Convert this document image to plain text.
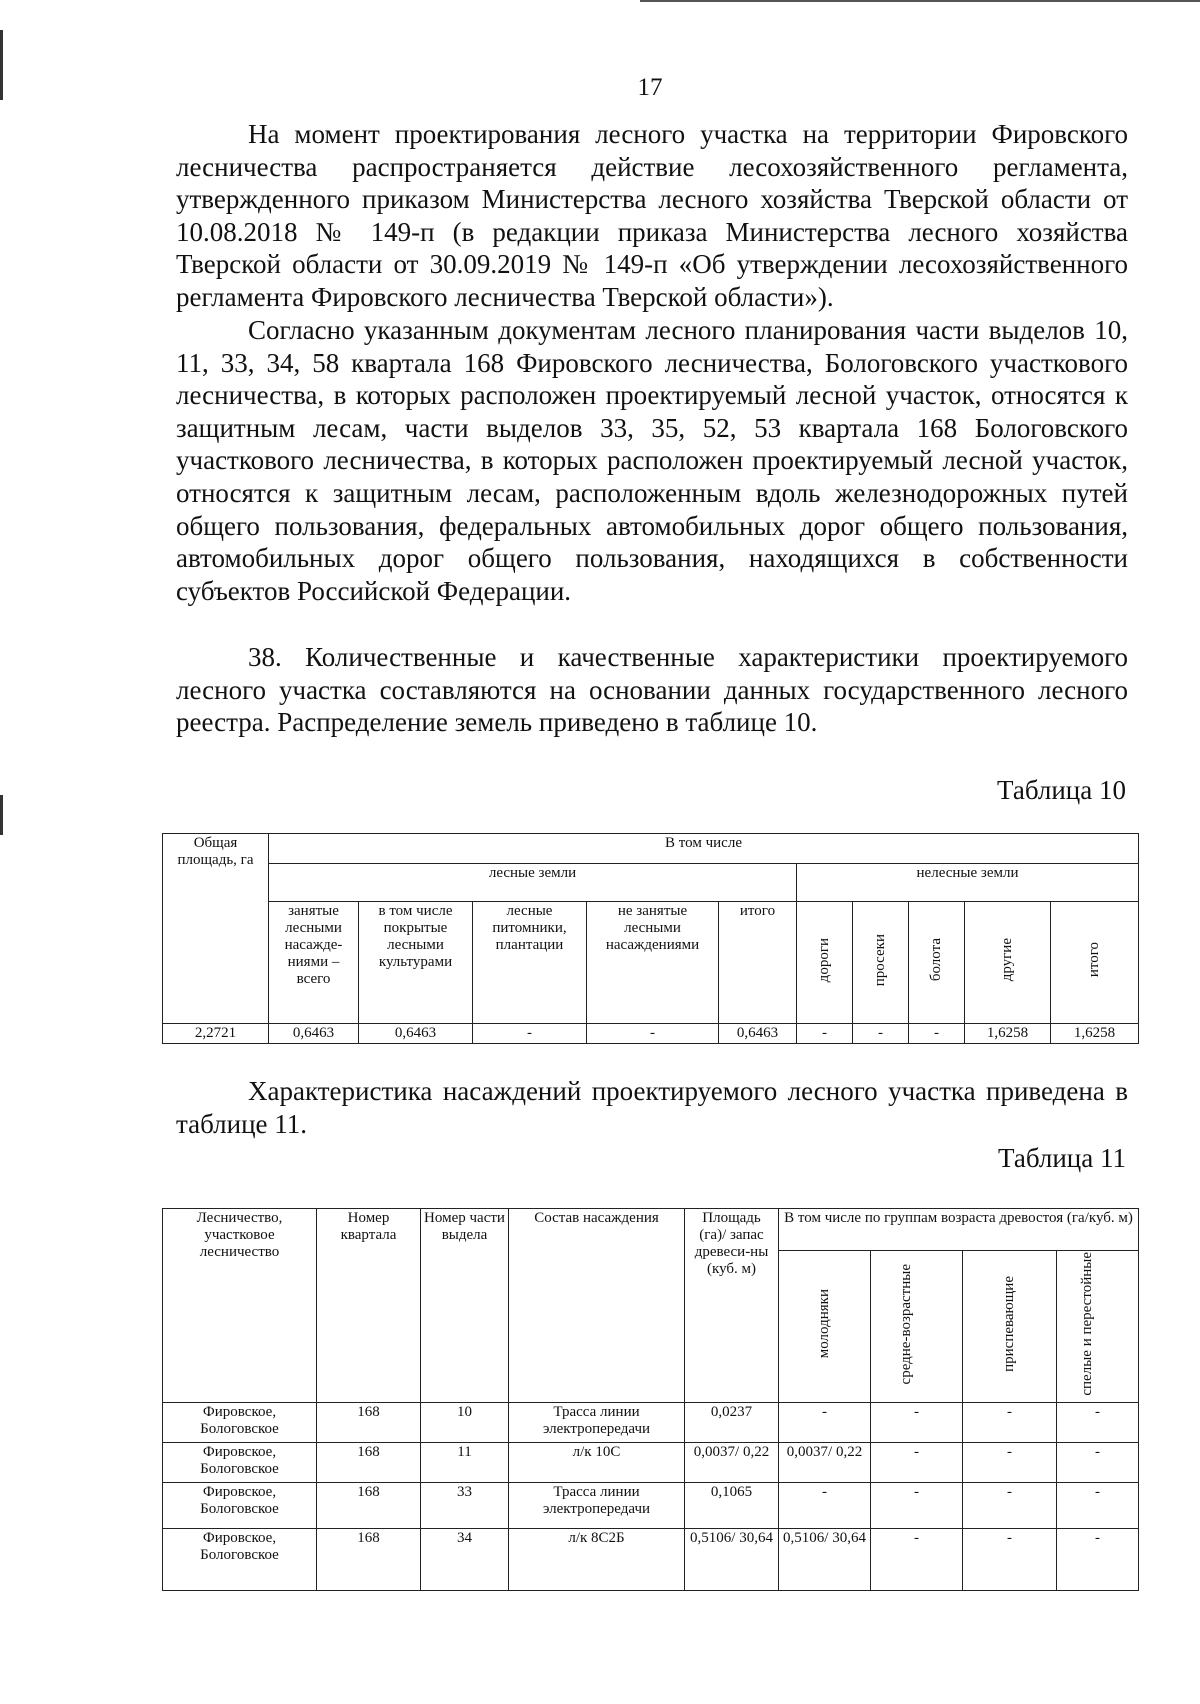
17

На момент проектирования лесного участка на территории Фировского лесничества распространяется действие лесохозяйственного регламента, утвержденного приказом Министерства лесного хозяйства Тверской области от 10.08.2018 № 149-п (в редакции приказа Министерства лесного хозяйства Тверской области от 30.09.2019 № 149-п «Об утверждении лесохозяйственного регламента Фировского лесничества Тверской области»).

Согласно указанным документам лесного планирования части выделов 10, 11, 33, 34, 58 квартала 168 Фировского лесничества, Бологовского участкового лесничества, в которых расположен проектируемый лесной участок, относятся к защитным лесам, части выделов 33, 35, 52, 53 квартала 168 Бологовского участкового лесничества, в которых расположен проектируемый лесной участок, относятся к защитным лесам, расположенным вдоль железнодорожных путей общего пользования, федеральных автомобильных дорог общего пользования, автомобильных дорог общего пользования, находящихся в собственности субъектов Российской Федерации.

38. Количественные и качественные характеристики проектируемого лесного участка составляются на основании данных государственного лесного реестра. Распределение земель приведено в таблице 10.

Таблица 10
Общая площадь, га	В том числе									
	лесные земли					нелесные земли				
	занятые лесными насажде-ниями – всего	в том числе покрытые лесными культурами	лесные питомники, плантации	не занятые лесными насаждениями	итого	дороги	просеки	болота	другие	итого
2,2721	0,6463	0,6463	-	-	0,6463	-	-	-	1,6258	1,6258

Характеристика насаждений проектируемого лесного участка приведена в таблице 11.

Таблица 11
Лесничество, участковое лесничество	Номер квартала	Номер части выдела	Состав насаждения	Площадь (га)/ запас древеси-ны (куб. м)	В том числе по группам возраста древостоя (га/куб. м)			
					молодняки	средне-возрастные	приспевающие	спелые и перестойные
Фировское, Бологовское	168	10	Трасса линии электропередачи	0,0237	-	-	-	-
Фировское, Бологовское	168	11	л/к 10С	0,0037/ 0,22	0,0037/ 0,22	-	-	-
Фировское, Бологовское	168	33	Трасса линии электропередачи	0,1065	-	-	-	-
Фировское, Бологовское	168	34	л/к 8С2Б	0,5106/ 30,64	0,5106/ 30,64	-	-	-
